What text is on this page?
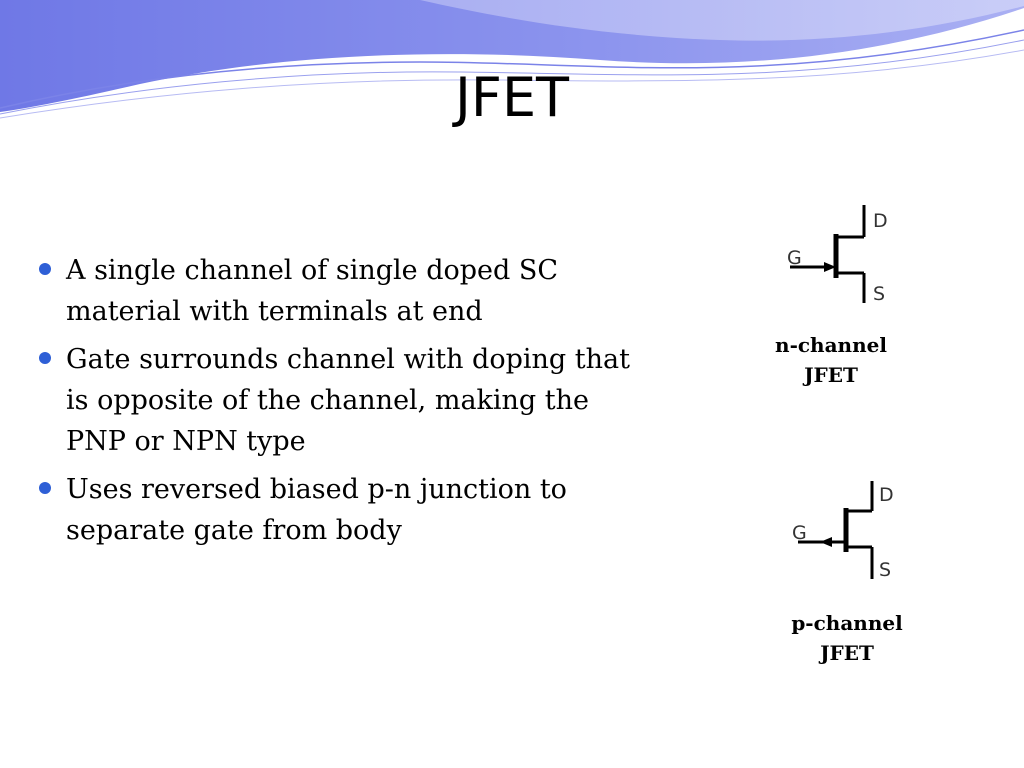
JFET
A single channel of single doped SC material with terminals at end
Gate surrounds channel with doping that is opposite of the channel, making the PNP or NPN type
Uses reversed biased p-n junction to separate gate from body
D
G
S
n-channel
JFET
D
G
S
p-channel
JFET
